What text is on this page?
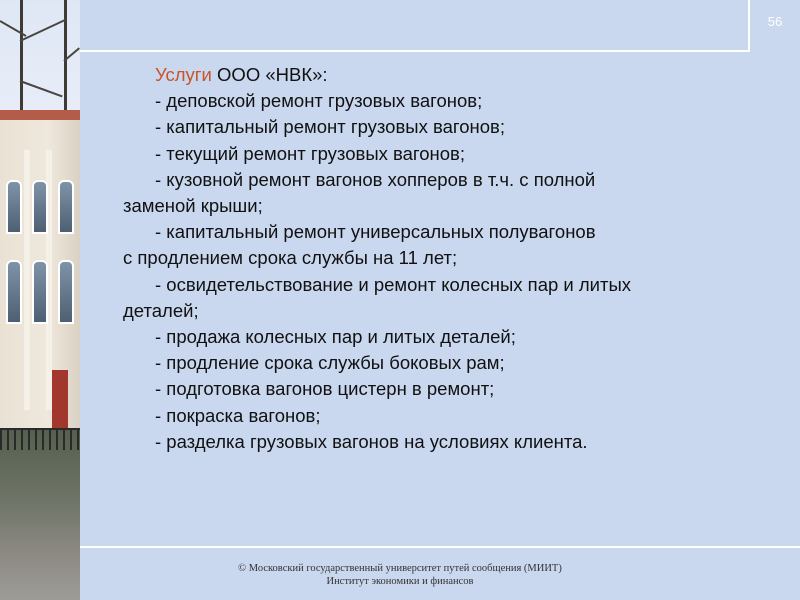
56
Услуги ООО «НВК»:
- деповской ремонт грузовых вагонов;
- капитальный ремонт грузовых вагонов;
- текущий ремонт грузовых вагонов;
- кузовной ремонт вагонов хопперов в т.ч. с полной
заменой крыши;
- капитальный ремонт универсальных полувагонов
с продлением срока службы на 11 лет;
- освидетельствование и ремонт колесных пар и литых
деталей;
- продажа колесных пар и литых деталей;
- продление срока службы боковых рам;
- подготовка вагонов цистерн в ремонт;
- покраска вагонов;
- разделка грузовых вагонов на условиях клиента.
© Московский государственный университет путей сообщения (МИИТ)
Институт экономики и финансов
